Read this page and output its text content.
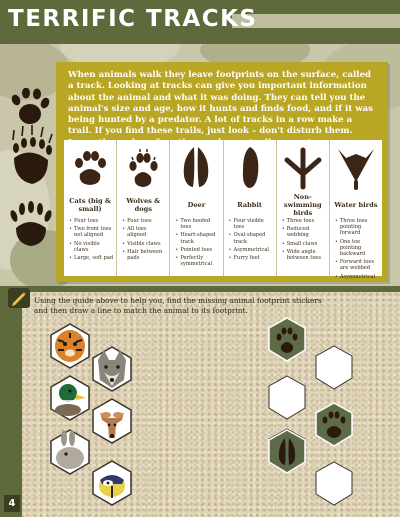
TERRIFIC TRACKS

When animals walk they leave footprints on the surface, called a track. Looking at tracks can give you important information about the animal and what it was doing. They can tell you the animal's size and age, how it hunts and finds food, and if it was being hunted by a predator. A lot of tracks in a row make a trail. If you find these trails, just look – don't disturb them.

Cats (big & small)
• Four toes
• Two front toes not aligned
• No visible claws
• Large, soft pad
Wolves & dogs
• Four toes
• All toes aligned
• Visible claws
• Hair between pads
Deer
• Two hoofed toes
• Heart-shaped track
• Pointed toes
• Perfectly symmetrical
Rabbit
• Four visible toes
• Oval-shaped track
• Asymmetrical
• Furry feet
Non-swimming birds
• Three toes
• Reduced webbing
• Small claws
• Wide angle between toes
Water birds
• Three toes pointing forward
• One toe pointing backward
• Forward toes are webbed
• Asymmetrical

Using the guide above to help you, find the missing animal footprint stickers and then draw a line to match the animal to its footprint.

4
